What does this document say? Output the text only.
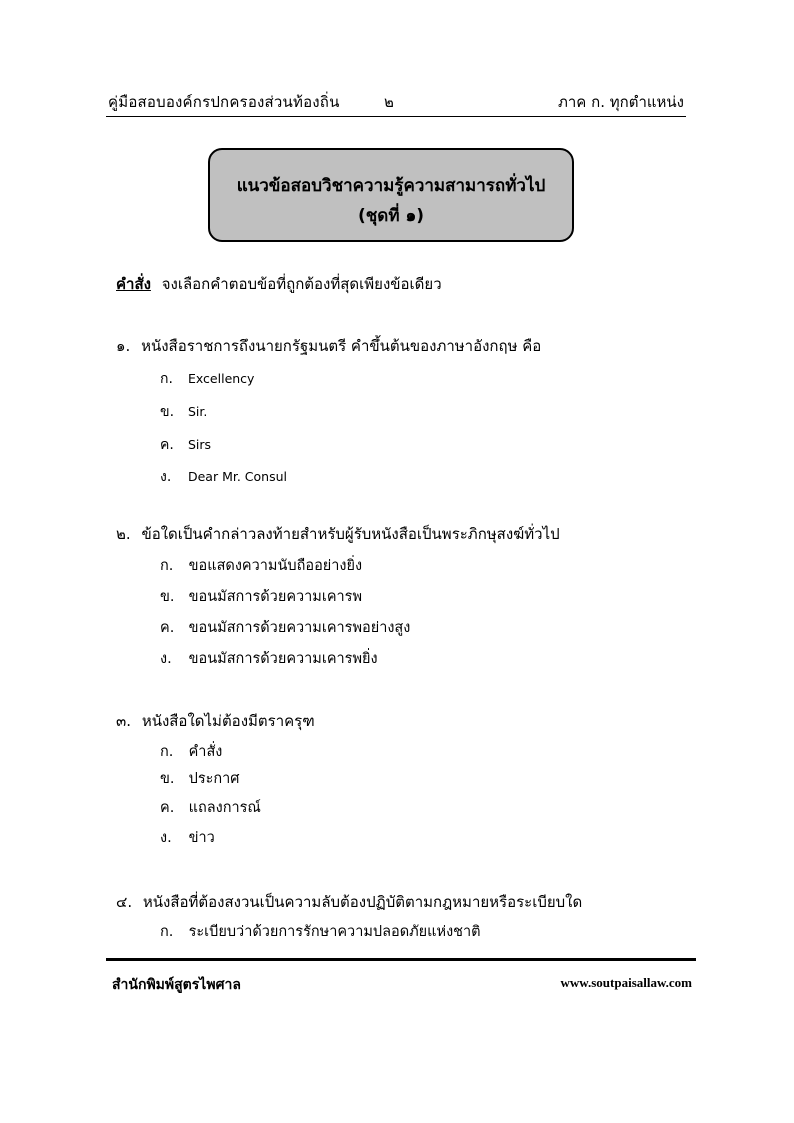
คู่มือสอบองค์กรปกครองส่วนท้องถิ่น	๒	ภาค ก. ทุกตำแหน่ง
แนวข้อสอบวิชาความรู้ความสามารถทั่วไป
(ชุดที่ ๑)
คำสั่ง จงเลือกคำตอบข้อที่ถูกต้องที่สุดเพียงข้อเดียว
๑. หนังสือราชการถึงนายกรัฐมนตรี คำขึ้นต้นของภาษาอังกฤษ คือ
ก. Excellency
ข. Sir.
ค. Sirs
ง. Dear Mr. Consul
๒. ข้อใดเป็นคำกล่าวลงท้ายสำหรับผู้รับหนังสือเป็นพระภิกษุสงฆ์ทั่วไป
ก. ขอแสดงความนับถืออย่างยิ่ง
ข. ขอนมัสการด้วยความเคารพ
ค. ขอนมัสการด้วยความเคารพอย่างสูง
ง. ขอนมัสการด้วยความเคารพยิ่ง
๓. หนังสือใดไม่ต้องมีตราครุฑ
ก. คำสั่ง
ข. ประกาศ
ค. แถลงการณ์
ง. ข่าว
๔. หนังสือที่ต้องสงวนเป็นความลับต้องปฏิบัติตามกฎหมายหรือระเบียบใด
ก. ระเบียบว่าด้วยการรักษาความปลอดภัยแห่งชาติ
สำนักพิมพ์สูตรไพศาล	www.soutpaisallaw.com
